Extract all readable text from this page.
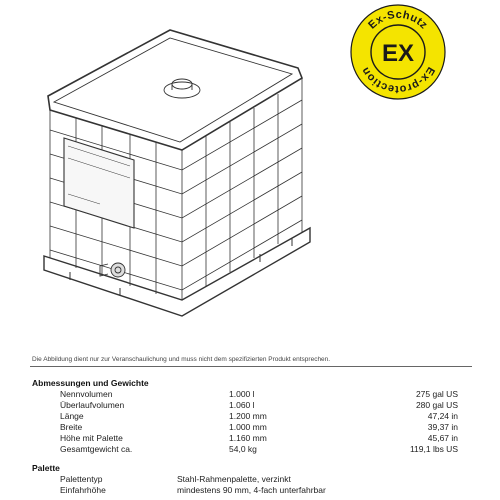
Ex-Schutz
Ex-protection
EX
Die Abbildung dient nur zur Veranschaulichung und muss nicht dem spezifizierten Produkt entsprechen.
Abmessungen und Gewichte
Nennvolumen	1.000 l	275 gal US
Überlaufvolumen	1.060 l	280 gal US
Länge	1.200 mm	47,24 in
Breite	1.000 mm	39,37 in
Höhe mit Palette	1.160 mm	45,67 in
Gesamtgewicht ca.	54,0 kg	119,1 lbs US
Palette
Palettentyp	Stahl-Rahmenpalette, verzinkt
Einfahrhöhe	mindestens 90 mm, 4-fach unterfahrbar
